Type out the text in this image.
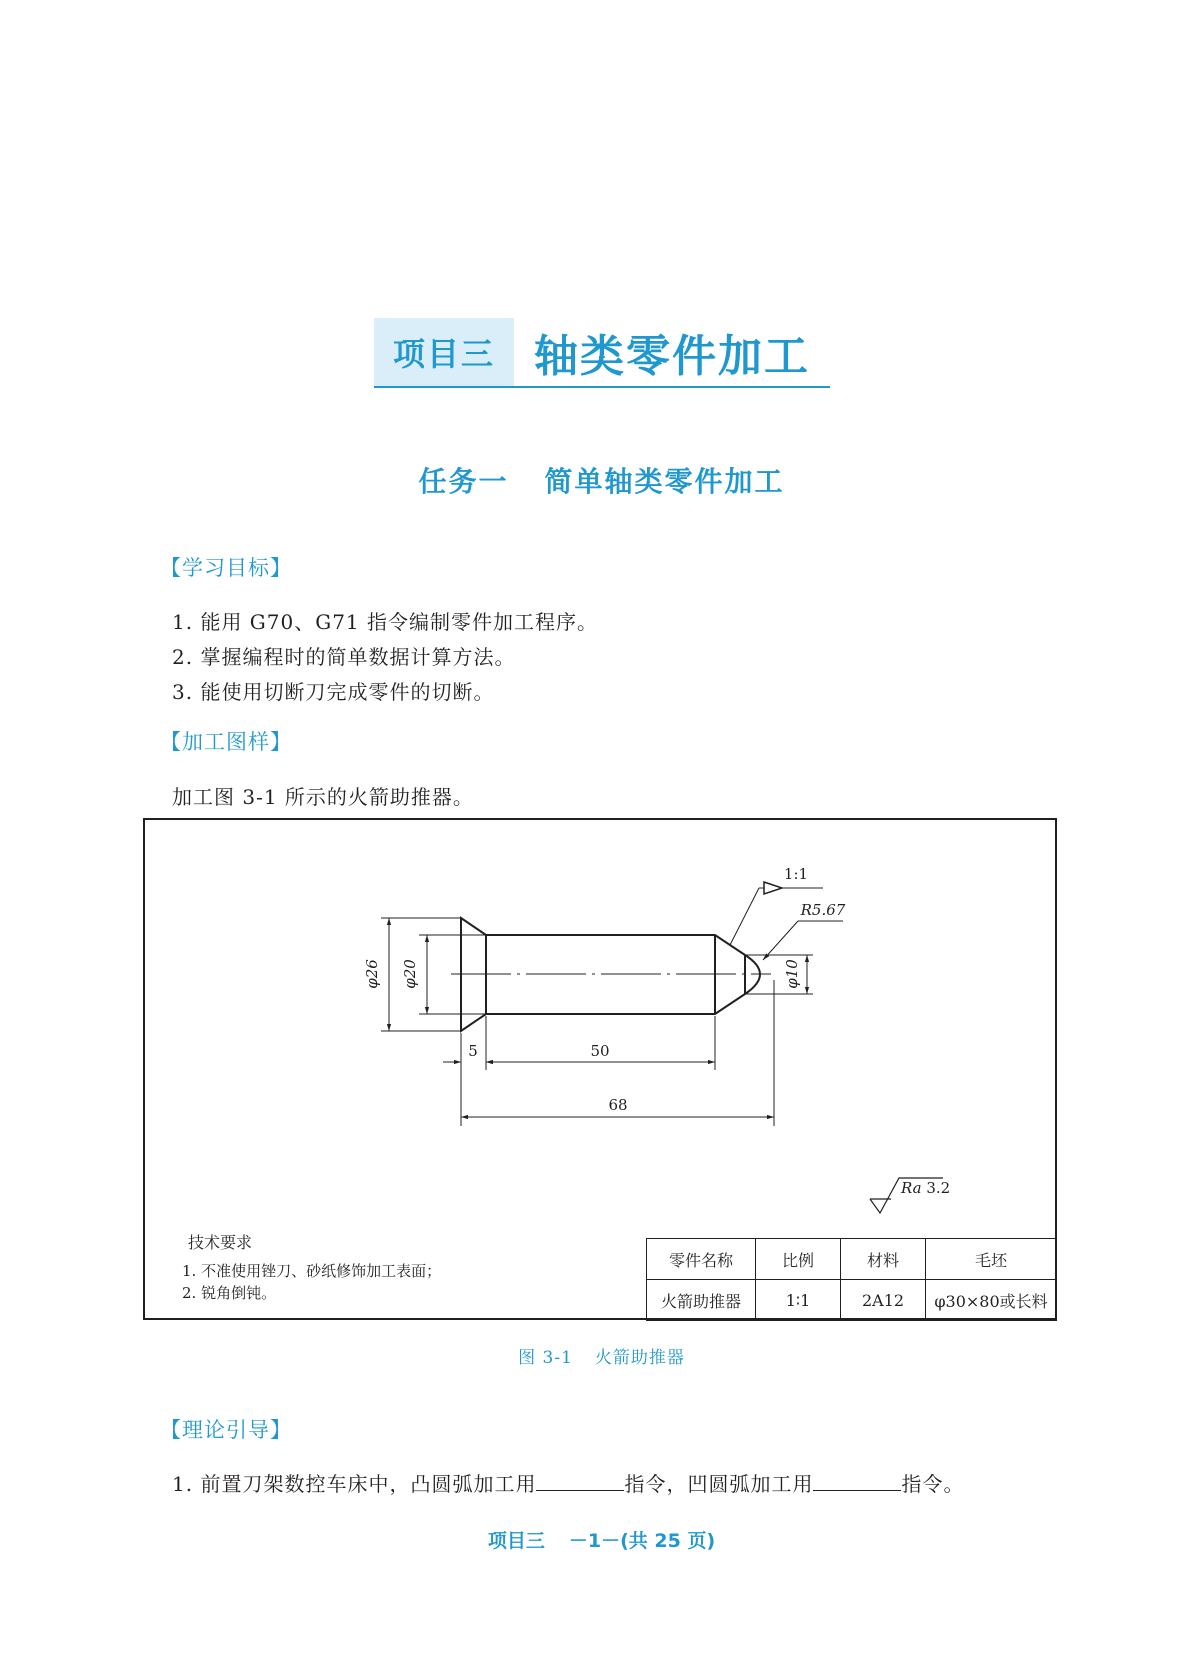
项目三 轴类零件加工
任务一 简单轴类零件加工
【学习目标】
1. 能用 G70、G71 指令编制零件加工程序。
2. 掌握编程时的简单数据计算方法。
3. 能使用切断刀完成零件的切断。
【加工图样】
加工图 3-1 所示的火箭助推器。
φ26 φ20	φ10
1:1
R5.67
5	50
68
Ra 3.2
技术要求
1. 不准使用锉刀、砂纸修饰加工表面；
2. 锐角倒钝。
零件名称	比例	材料	毛坯
火箭助推器	1∶1	2A12	φ30×80或长料
图 3-1 火箭助推器
【理论引导】
1. 前置刀架数控车床中，凸圆弧加工用	指令，凹圆弧加工用	指令。
项目三 －1－(共 25 页)
